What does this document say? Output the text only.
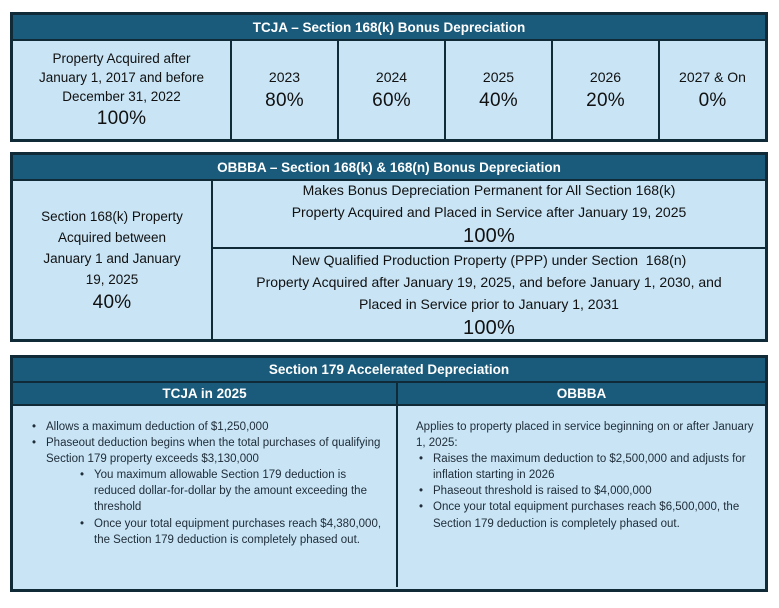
TCJA – Section 168(k) Bonus Depreciation
Property Acquired after
January 1, 2017 and before
December 31, 2022
100%
2023
80%
2024
60%
2025
40%
2026
20%
2027 & On
0%
OBBBA – Section 168(k) & 168(n) Bonus Depreciation
Section 168(k) Property
Acquired between
January 1 and January
19, 2025
40%
Makes Bonus Depreciation Permanent for All Section 168(k)
Property Acquired and Placed in Service after January 19, 2025
100%
New Qualified Production Property (PPP) under Section  168(n)
Property Acquired after January 19, 2025, and before January 1, 2030, and
Placed in Service prior to January 1, 2031
100%
Section 179 Accelerated Depreciation
TCJA in 2025	OBBBA
• Allows a maximum deduction of $1,250,000
• Phaseout deduction begins when the total purchases of qualifying Section 179 property exceeds $3,130,000
• You maximum allowable Section 179 deduction is reduced dollar-for-dollar by the amount exceeding the threshold
• Once your total equipment purchases reach $4,380,000, the Section 179 deduction is completely phased out.
Applies to property placed in service beginning on or after January 1, 2025:
• Raises the maximum deduction to $2,500,000 and adjusts for inflation starting in 2026
• Phaseout threshold is raised to $4,000,000
• Once your total equipment purchases reach $6,500,000, the Section 179 deduction is completely phased out.
